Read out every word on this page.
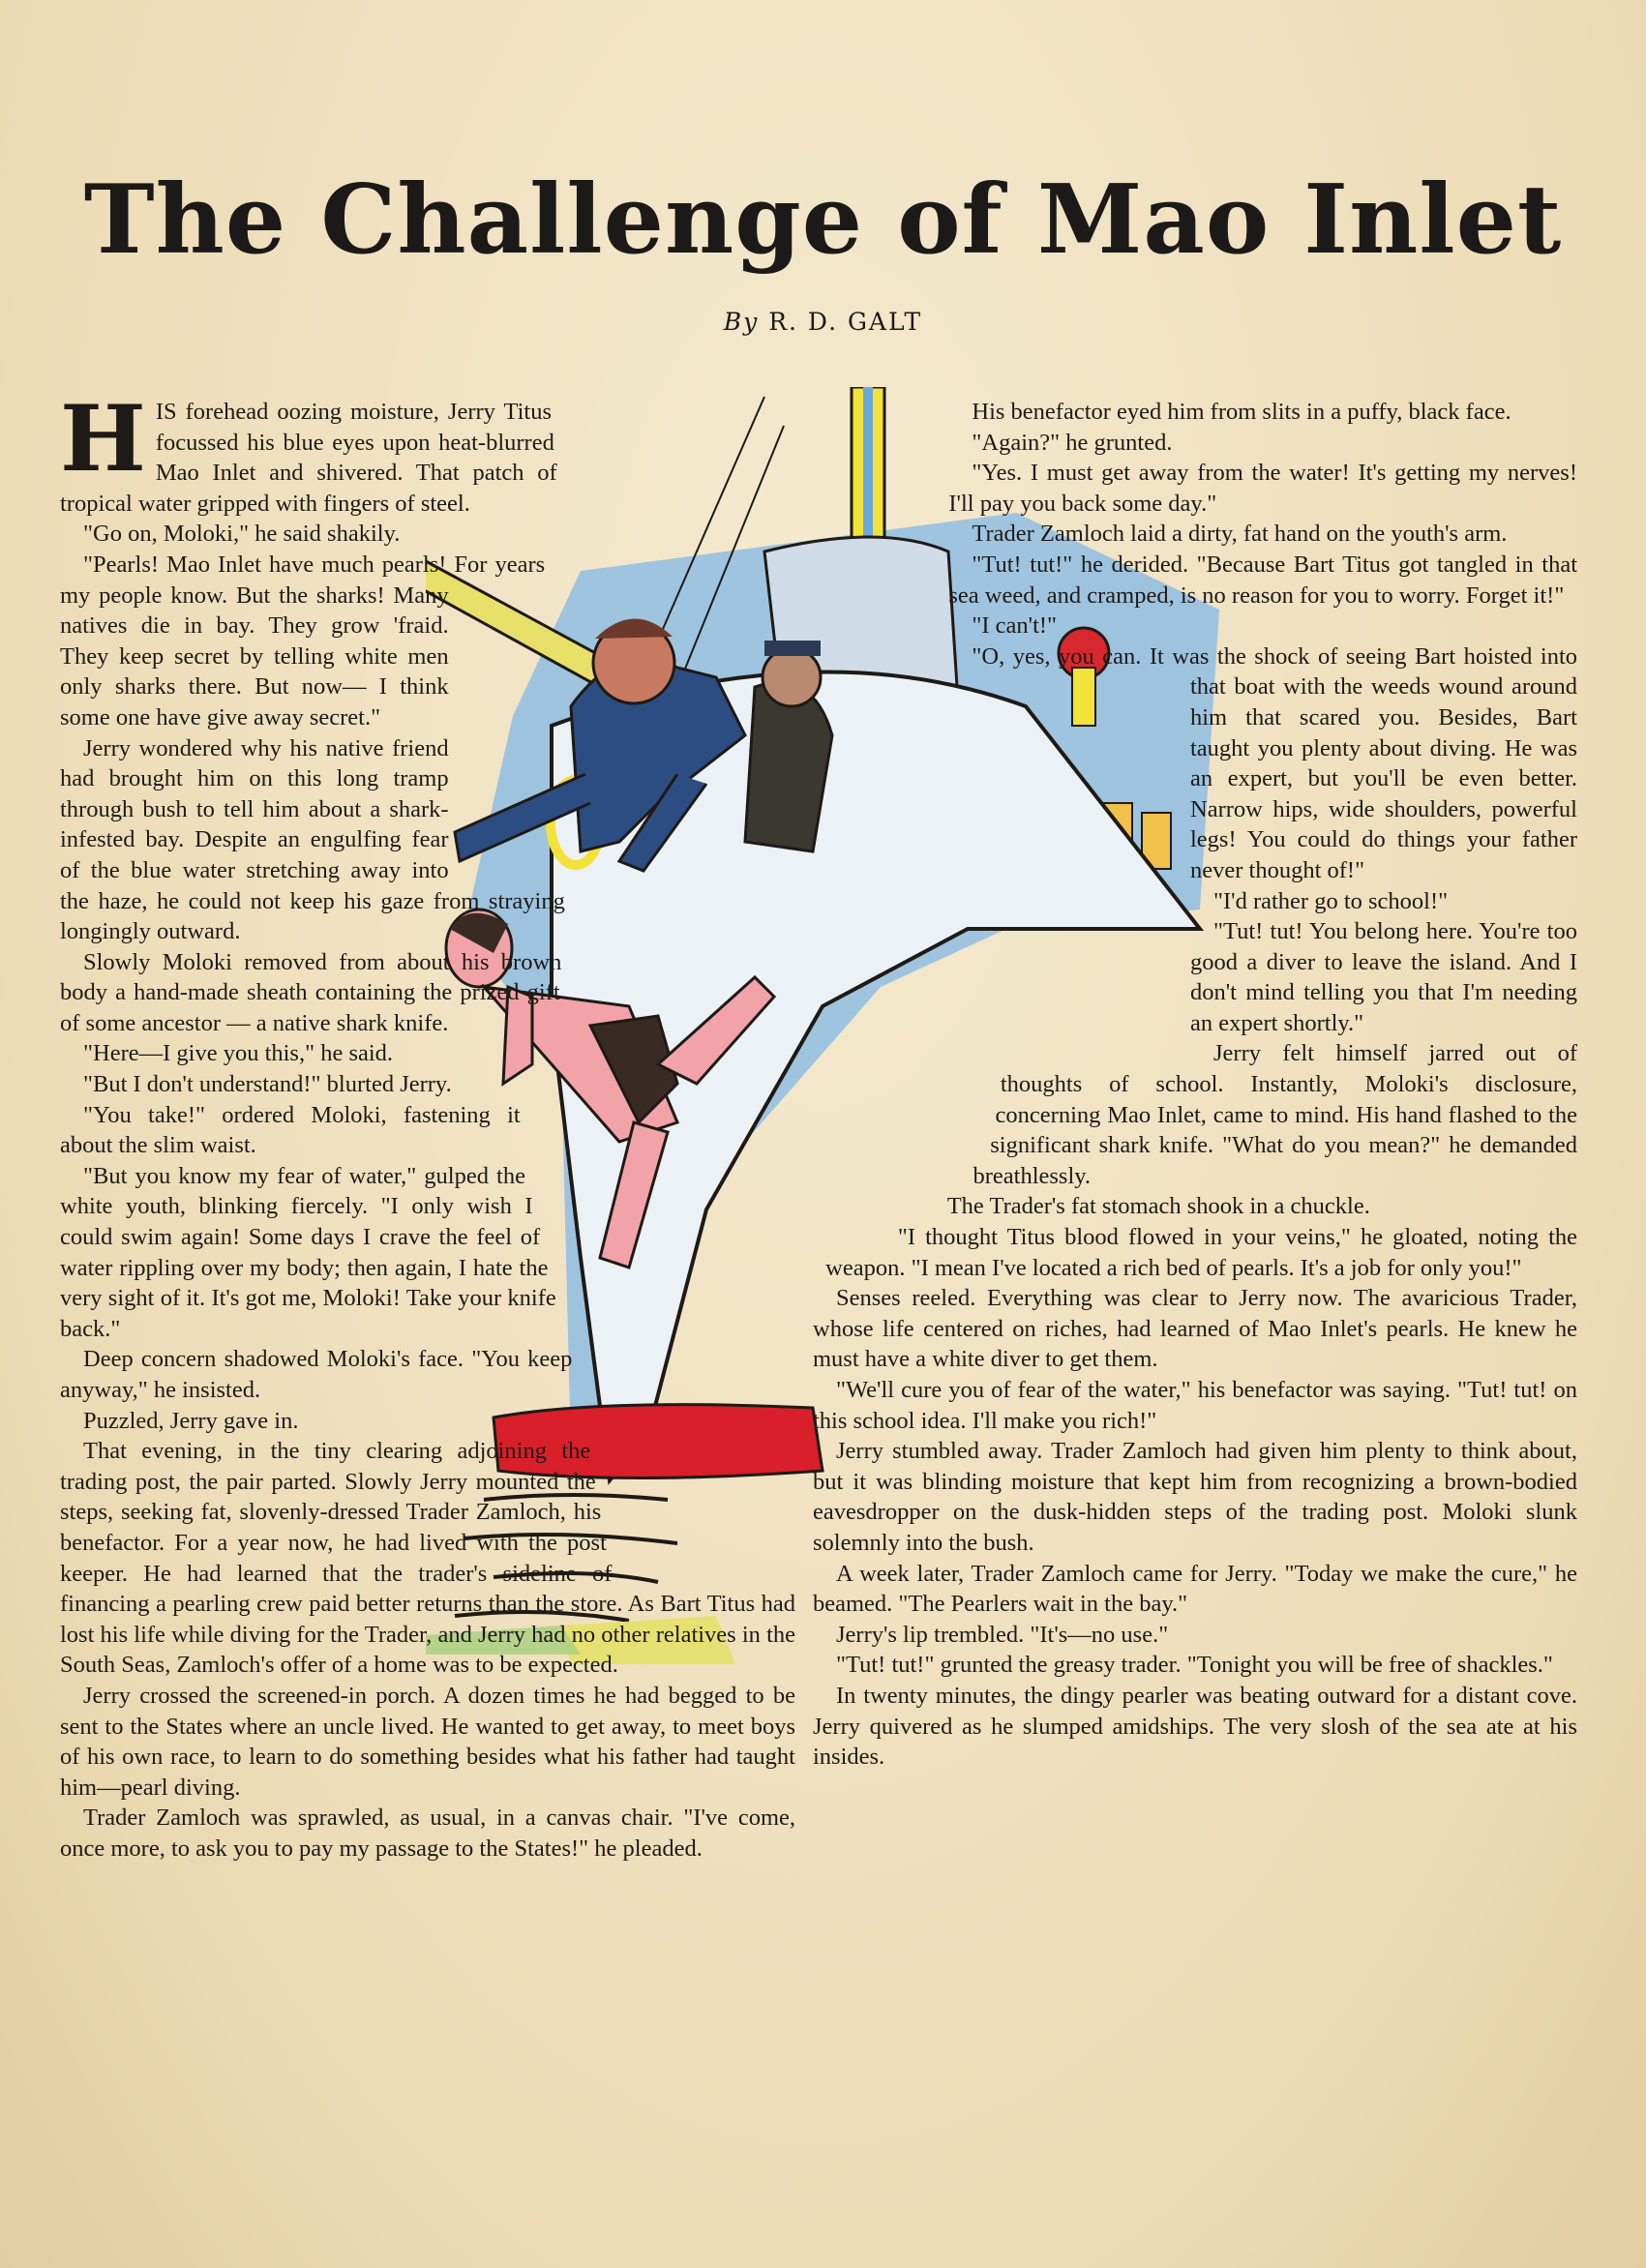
The Challenge of Mao Inlet
By R. D. GALT

HIS forehead oozing moisture, Jerry Titus focussed his blue eyes upon heat-blurred Mao Inlet and shivered. That patch of tropical water gripped with fingers of steel.

"Go on, Moloki," he said shakily.

"Pearls! Mao Inlet have much pearls! For years my people know. But the sharks! Many natives die in bay. They grow 'fraid. They keep secret by telling white men only sharks there. But now— I think some one have give away secret."

Jerry wondered why his native friend had brought him on this long tramp through bush to tell him about a shark-infested bay. Despite an engulfing fear of the blue water stretching away into the haze, he could not keep his gaze from straying longingly outward.

Slowly Moloki removed from about his brown body a hand-made sheath containing the prized gift of some ancestor — a native shark knife.

"Here—I give you this," he said.

"But I don't understand!" blurted Jerry.

"You take!" ordered Moloki, fastening it about the slim waist.

"But you know my fear of water," gulped the white youth, blinking fiercely. "I only wish I could swim again! Some days I crave the feel of water rippling over my body; then again, I hate the very sight of it. It's got me, Moloki! Take your knife back."

Deep concern shadowed Moloki's face. "You keep anyway," he insisted.

Puzzled, Jerry gave in.

That evening, in the tiny clearing adjoining the trading post, the pair parted. Slowly Jerry mounted the steps, seeking fat, slovenly-dressed Trader Zamloch, his benefactor. For a year now, he had lived with the post keeper. He had learned that the trader's sideline of financing a pearling crew paid better returns than the store. As Bart Titus had lost his life while diving for the Trader, and Jerry had no other relatives in the South Seas, Zamloch's offer of a home was to be expected.

Jerry crossed the screened-in porch. A dozen times he had begged to be sent to the States where an uncle lived. He wanted to get away, to meet boys of his own race, to learn to do something besides what his father had taught him—pearl diving.

Trader Zamloch was sprawled, as usual, in a canvas chair. "I've come, once more, to ask you to pay my passage to the States!" he pleaded.

His benefactor eyed him from slits in a puffy, black face.

"Again?" he grunted.

"Yes. I must get away from the water! It's getting my nerves! I'll pay you back some day."

Trader Zamloch laid a dirty, fat hand on the youth's arm.

"Tut! tut!" he derided. "Because Bart Titus got tangled in that sea weed, and cramped, is no reason for you to worry. Forget it!"

"I can't!"

"O, yes, you can. It was the shock of seeing Bart hoisted into that boat with the weeds wound around him that scared you. Besides, Bart taught you plenty about diving. He was an expert, but you'll be even better. Narrow hips, wide shoulders, powerful legs! You could do things your father never thought of!"

"I'd rather go to school!"

"Tut! tut! You belong here. You're too good a diver to leave the island. And I don't mind telling you that I'm needing an expert shortly."

Jerry felt himself jarred out of thoughts of school. Instantly, Moloki's disclosure, concerning Mao Inlet, came to mind. His hand flashed to the significant shark knife. "What do you mean?" he demanded breathlessly.

The Trader's fat stomach shook in a chuckle.

"I thought Titus blood flowed in your veins," he gloated, noting the weapon. "I mean I've located a rich bed of pearls. It's a job for only you!"

Senses reeled. Everything was clear to Jerry now. The avaricious Trader, whose life centered on riches, had learned of Mao Inlet's pearls. He knew he must have a white diver to get them.

"We'll cure you of fear of the water," his benefactor was saying. "Tut! tut! on this school idea. I'll make you rich!"

Jerry stumbled away. Trader Zamloch had given him plenty to think about, but it was blinding moisture that kept him from recognizing a brown-bodied eavesdropper on the dusk-hidden steps of the trading post. Moloki slunk solemnly into the bush.

A week later, Trader Zamloch came for Jerry. "Today we make the cure," he beamed. "The Pearlers wait in the bay."

Jerry's lip trembled. "It's—no use."

"Tut! tut!" grunted the greasy trader. "Tonight you will be free of shackles."

In twenty minutes, the dingy pearler was beating outward for a distant cove. Jerry quivered as he slumped amidships. The very slosh of the sea ate at his insides.
